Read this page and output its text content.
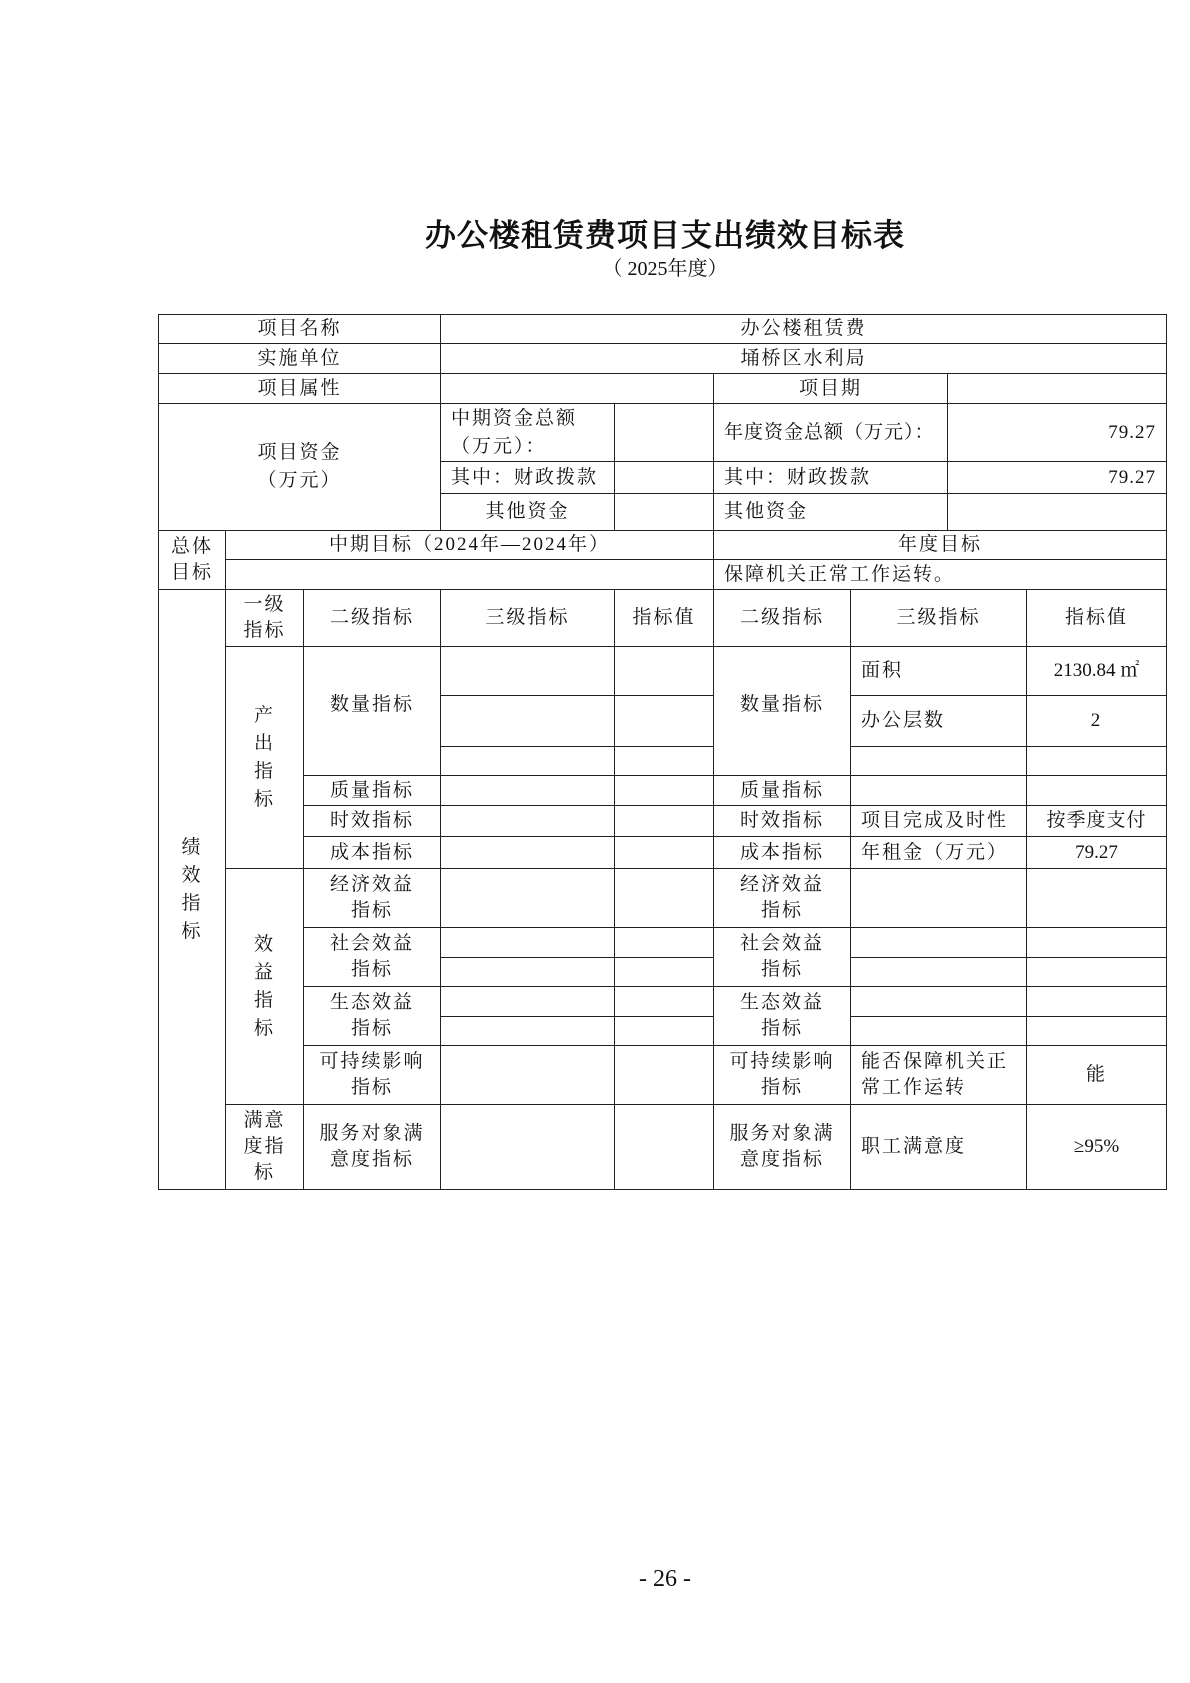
办公楼租赁费项目支出绩效目标表
（ 2025年度）
项目名称			办公楼租赁费					
实施单位			埇桥区水利局					
项目属性					项目期			
项目资金
（万元）			中期资金总额（万元）：		年度资金总额（万元）：		79.27	
			其中：财政拨款		其中：财政拨款		79.27	
			其他资金		其他资金			
总体
目标	中期目标（2024年—2024年）				年度目标			
					保障机关正常工作运转。			
绩效指标	一级指标	二级指标	三级指标	指标值	二级指标	三级指标		指标值
	产出指标	数量指标			数量指标	面积		2130.84 ㎡
						办公层数		2

		质量指标			质量指标			
		时效指标			时效指标	项目完成及时性		按季度支付
		成本指标			成本指标	年租金（万元）		79.27
	效益指标	经济效益指标			经济效益指标			
		社会效益指标			社会效益指标			

		生态效益指标			生态效益指标			

		可持续影响指标			可持续影响指标	能否保障机关正常工作运转		能
	满意度指标	服务对象满意度指标			服务对象满意度指标	职工满意度		≥95%
- 26 -
